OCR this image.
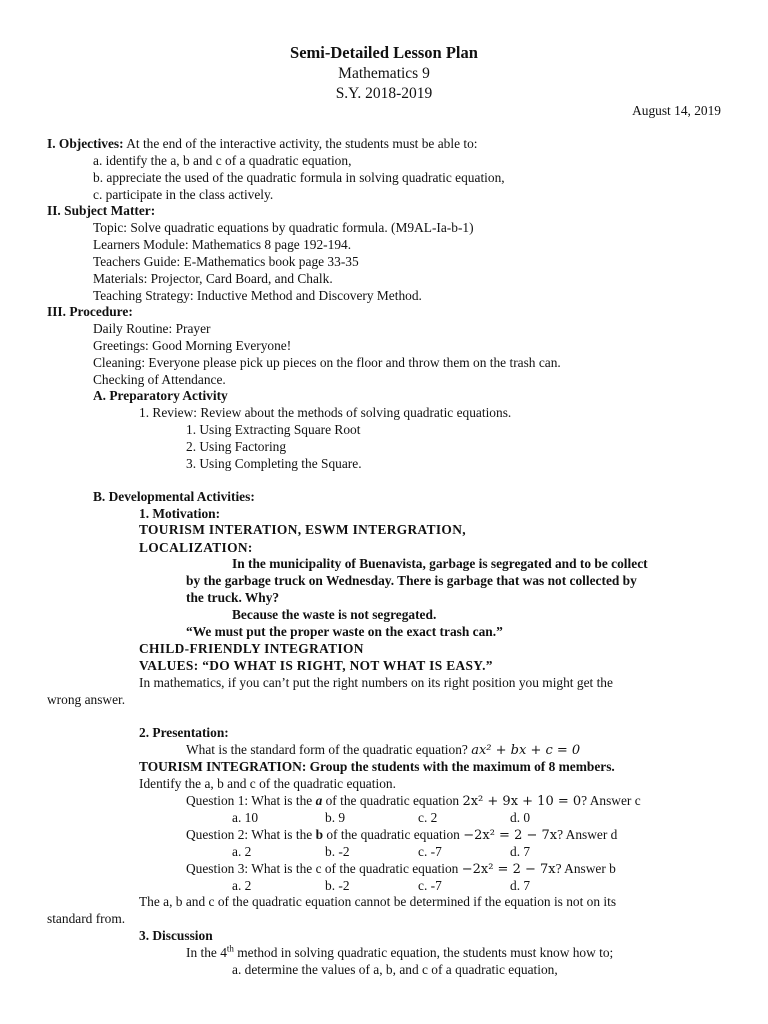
Semi-Detailed Lesson Plan
Mathematics 9
S.Y. 2018-2019
August 14, 2019
I. Objectives: At the end of the interactive activity, the students must be able to:
a. identify the a, b and c of a quadratic equation,
b. appreciate the used of the quadratic formula in solving quadratic equation,
c. participate in the class actively.
II. Subject Matter:
Topic: Solve quadratic equations by quadratic formula. (M9AL-Ia-b-1)
Learners Module: Mathematics 8 page 192-194.
Teachers Guide: E-Mathematics book page 33-35
Materials: Projector, Card Board, and Chalk.
Teaching Strategy: Inductive Method and Discovery Method.
III. Procedure:
Daily Routine: Prayer
Greetings: Good Morning Everyone!
Cleaning: Everyone please pick up pieces on the floor and throw them on the trash can.
Checking of Attendance.
A. Preparatory Activity
1. Review: Review about the methods of solving quadratic equations.
1. Using Extracting Square Root
2. Using Factoring
3. Using Completing the Square.
B. Developmental Activities:
1. Motivation:
TOURISM INTERATION, ESWM INTERGRATION,
LOCALIZATION:
In the municipality of Buenavista, garbage is segregated and to be collect
by the garbage truck on Wednesday. There is garbage that was not collected by
the truck. Why?
Because the waste is not segregated.
“We must put the proper waste on the exact trash can.”
CHILD-FRIENDLY INTEGRATION
VALUES: “DO WHAT IS RIGHT, NOT WHAT IS EASY.”
In mathematics, if you can’t put the right numbers on its right position you might get the
wrong answer.
2. Presentation:
What is the standard form of the quadratic equation? ax² + bx + c = 0
TOURISM INTEGRATION: Group the students with the maximum of 8 members.
Identify the a, b and c of the quadratic equation.
Question 1: What is the a of the quadratic equation 2x² + 9x + 10 = 0? Answer c
a. 10	b. 9	c. 2	d. 0
Question 2: What is the b of the quadratic equation −2x² = 2 − 7x? Answer d
a. 2	b. -2	c. -7	d. 7
Question 3: What is the c of the quadratic equation −2x² = 2 − 7x? Answer b
a. 2	b. -2	c. -7	d. 7
The a, b and c of the quadratic equation cannot be determined if the equation is not on its
standard from.
3. Discussion
In the 4th method in solving quadratic equation, the students must know how to;
a. determine the values of a, b, and c of a quadratic equation,
